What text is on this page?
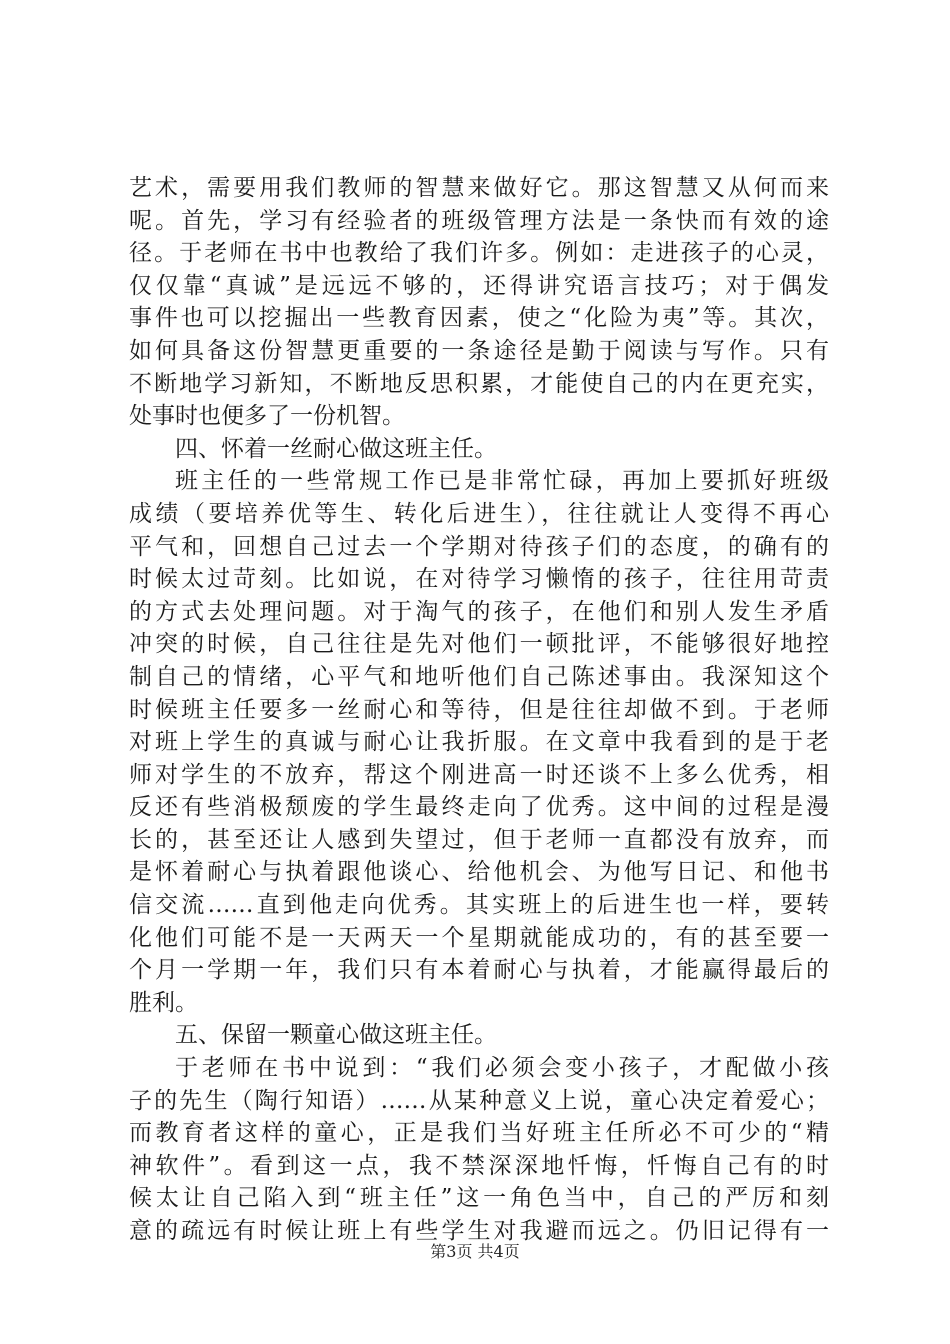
艺术，需要用我们教师的智慧来做好它。那这智慧又从何而来
呢。首先，学习有经验者的班级管理方法是一条快而有效的途
径。于老师在书中也教给了我们许多。例如：走进孩子的心灵，
仅仅靠“真诚”是远远不够的，还得讲究语言技巧；对于偶发
事件也可以挖掘出一些教育因素，使之“化险为夷”等。其次，
如何具备这份智慧更重要的一条途径是勤于阅读与写作。只有
不断地学习新知，不断地反思积累，才能使自己的内在更充实，
处事时也便多了一份机智。
四、怀着一丝耐心做这班主任。
班主任的一些常规工作已是非常忙碌，再加上要抓好班级
成绩（要培养优等生、转化后进生），往往就让人变得不再心
平气和，回想自己过去一个学期对待孩子们的态度，的确有的
时候太过苛刻。比如说，在对待学习懒惰的孩子，往往用苛责
的方式去处理问题。对于淘气的孩子，在他们和别人发生矛盾
冲突的时候，自己往往是先对他们一顿批评，不能够很好地控
制自己的情绪，心平气和地听他们自己陈述事由。我深知这个
时候班主任要多一丝耐心和等待，但是往往却做不到。于老师
对班上学生的真诚与耐心让我折服。在文章中我看到的是于老
师对学生的不放弃，帮这个刚进高一时还谈不上多么优秀，相
反还有些消极颓废的学生最终走向了优秀。这中间的过程是漫
长的，甚至还让人感到失望过，但于老师一直都没有放弃，而
是怀着耐心与执着跟他谈心、给他机会、为他写日记、和他书
信交流……直到他走向优秀。其实班上的后进生也一样，要转
化他们可能不是一天两天一个星期就能成功的，有的甚至要一
个月一学期一年，我们只有本着耐心与执着，才能赢得最后的
胜利。
五、保留一颗童心做这班主任。
于老师在书中说到：“我们必须会变小孩子，才配做小孩
子的先生（陶行知语）……从某种意义上说，童心决定着爱心；
而教育者这样的童心，正是我们当好班主任所必不可少的“精
神软件”。看到这一点，我不禁深深地忏悔，忏悔自己有的时
候太让自己陷入到“班主任”这一角色当中，自己的严厉和刻
意的疏远有时候让班上有些学生对我避而远之。仍旧记得有一
第3页 共4页
